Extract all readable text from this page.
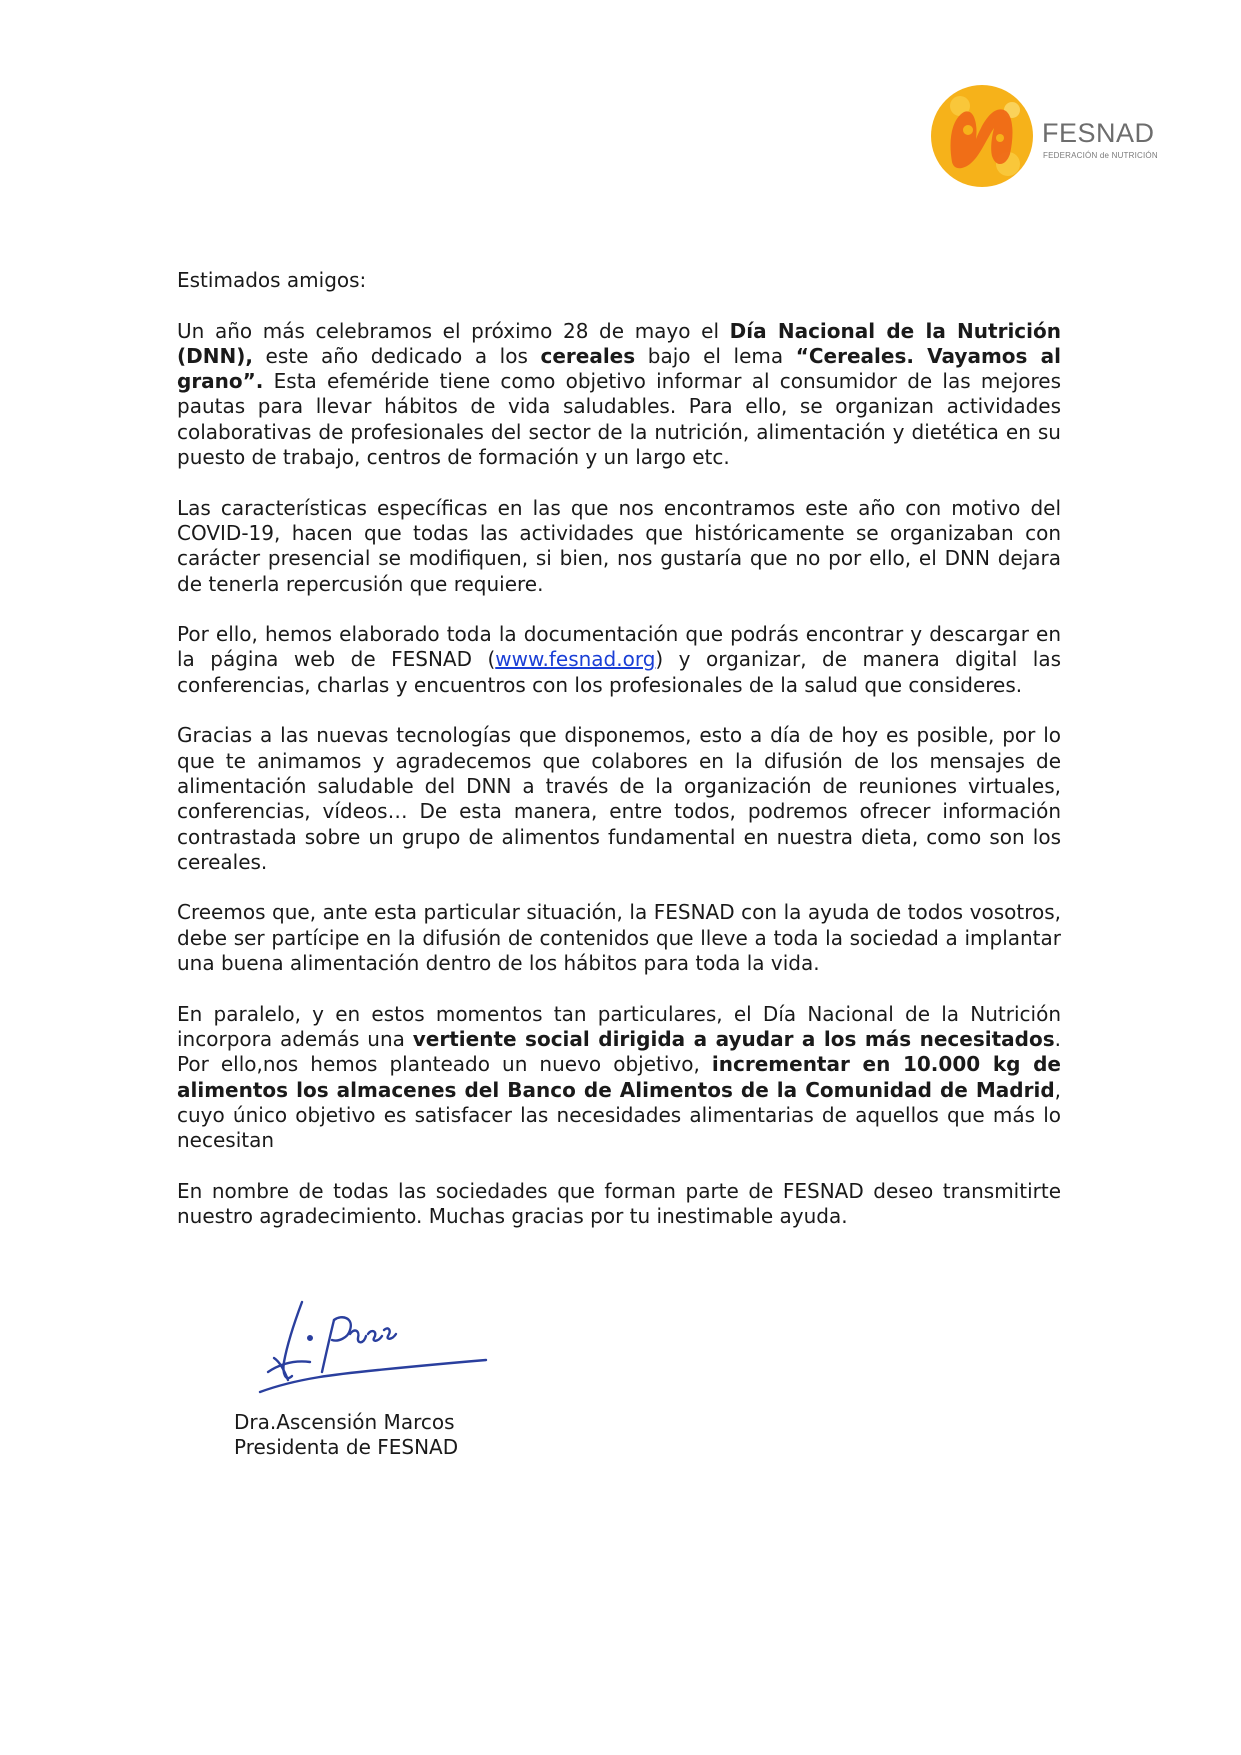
FESNAD
FEDERACIÓN de NUTRICIÓN

Estimados amigos:

Un año más celebramos el próximo 28 de mayo el Día Nacional de la Nutrición (DNN), este año dedicado a los cereales bajo el lema “Cereales. Vayamos al grano”. Esta efeméride tiene como objetivo informar al consumidor de las mejores pautas para llevar hábitos de vida saludables. Para ello, se organizan actividades colaborativas de profesionales del sector de la nutrición, alimentación y dietética en su puesto de trabajo, centros de formación y un largo etc.

Las características específicas en las que nos encontramos este año con motivo del COVID-19, hacen que todas las actividades que históricamente se organizaban con carácter presencial se modifiquen, si bien, nos gustaría que no por ello, el DNN dejara de tenerla repercusión que requiere.

Por ello, hemos elaborado toda la documentación que podrás encontrar y descargar en la página web de FESNAD (www.fesnad.org) y organizar, de manera digital las conferencias, charlas y encuentros con los profesionales de la salud que consideres.

Gracias a las nuevas tecnologías que disponemos, esto a día de hoy es posible, por lo que te animamos y agradecemos que colabores en la difusión de los mensajes de alimentación saludable del DNN a través de la organización de reuniones virtuales, conferencias, vídeos… De esta manera, entre todos, podremos ofrecer información contrastada sobre un grupo de alimentos fundamental en nuestra dieta, como son los cereales.

Creemos que, ante esta particular situación, la FESNAD con la ayuda de todos vosotros, debe ser partícipe en la difusión de contenidos que lleve a toda la sociedad a implantar una buena alimentación dentro de los hábitos para toda la vida.

En paralelo, y en estos momentos tan particulares, el Día Nacional de la Nutrición incorpora además una vertiente social dirigida a ayudar a los más necesitados. Por ello,nos hemos planteado un nuevo objetivo, incrementar en 10.000 kg de alimentos los almacenes del Banco de Alimentos de la Comunidad de Madrid, cuyo único objetivo es satisfacer las necesidades alimentarias de aquellos que más lo necesitan

En nombre de todas las sociedades que forman parte de FESNAD deseo transmitirte nuestro agradecimiento. Muchas gracias por tu inestimable ayuda.

Dra.Ascensión Marcos
Presidenta de FESNAD
